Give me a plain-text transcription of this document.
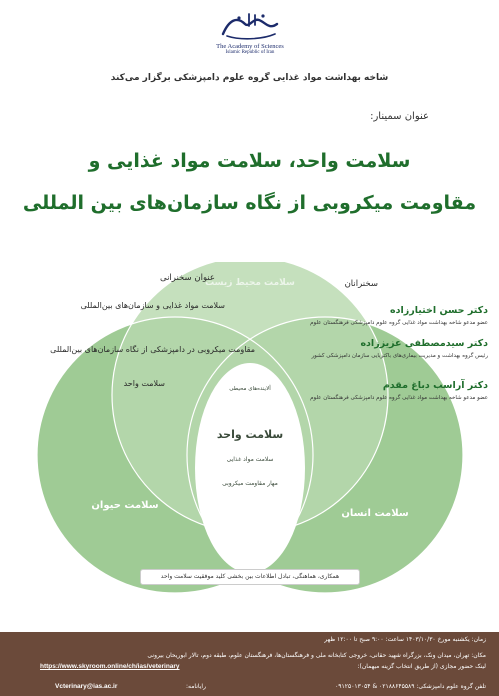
The Academy of Sciences
Islamic Republic of Iran
شاخه بهداشت مواد غذایی گروه علوم دامپزشکی برگزار می‌کند
عنوان سمینار:
سلامت واحد، سلامت مواد غذایی و
مقاومت میکروبی از نگاه سازمان‌های بین المللی
سلامت محیط زیست
سلامت حیوان
سلامت انسان
آلاینده‌های محیطی
سلامت واحد
سلامت مواد غذایی
مهار مقاومت میکروبی
بیماری‌های مشترک بین انسان و دام
همکاری، هماهنگی، تبادل اطلاعات بین بخشی کلید موفقیت سلامت واحد
عنوان سخنرانی
سلامت مواد غذایی و سازمان‌های بین‌المللی
مقاومت میکروبی در دامپزشکی از نگاه سازمان‌های بین‌المللی
سلامت واحد
سخنرانان
دکتر حسن اختیارزاده
عضو مدعو شاخه بهداشت مواد غذایی گروه علوم دامپزشکی فرهنگستان علوم
دکتر سیدمصطفی عزیززاده
رئیس گروه بهداشت و مدیریت بیماری‌های باکتریایی سازمان دامپزشکی کشور
دکتر آراسب دباغ مقدم
عضو مدعو شاخه بهداشت مواد غذایی گروه علوم دامپزشکی فرهنگستان علوم
زمان: یکشنبه مورخ ۱۴۰۳/۱۰/۳۰ ساعت: ۹:۰۰ صبح تا ۱۲:۰۰ ظهر
مکان: تهران، میدان ونک، بزرگراه شهید حقانی، خروجی کتابخانه ملی و فرهنگستان‌ها، فرهنگستان علوم، طبقه دوم، تالار ابوریحان بیرونی
لینک حضور مجازی (از طریق انتخاب گزینه میهمان):
https://www.skyroom.online/ch/ias/veterinary
تلفن گروه علوم دامپزشکی: ۰۲۱۸۸۶۴۵۵۸۹ & ۰۹۱۲۵۰۱۳۰۵۴
رایانامه:
Vcterinary@ias.ac.ir
